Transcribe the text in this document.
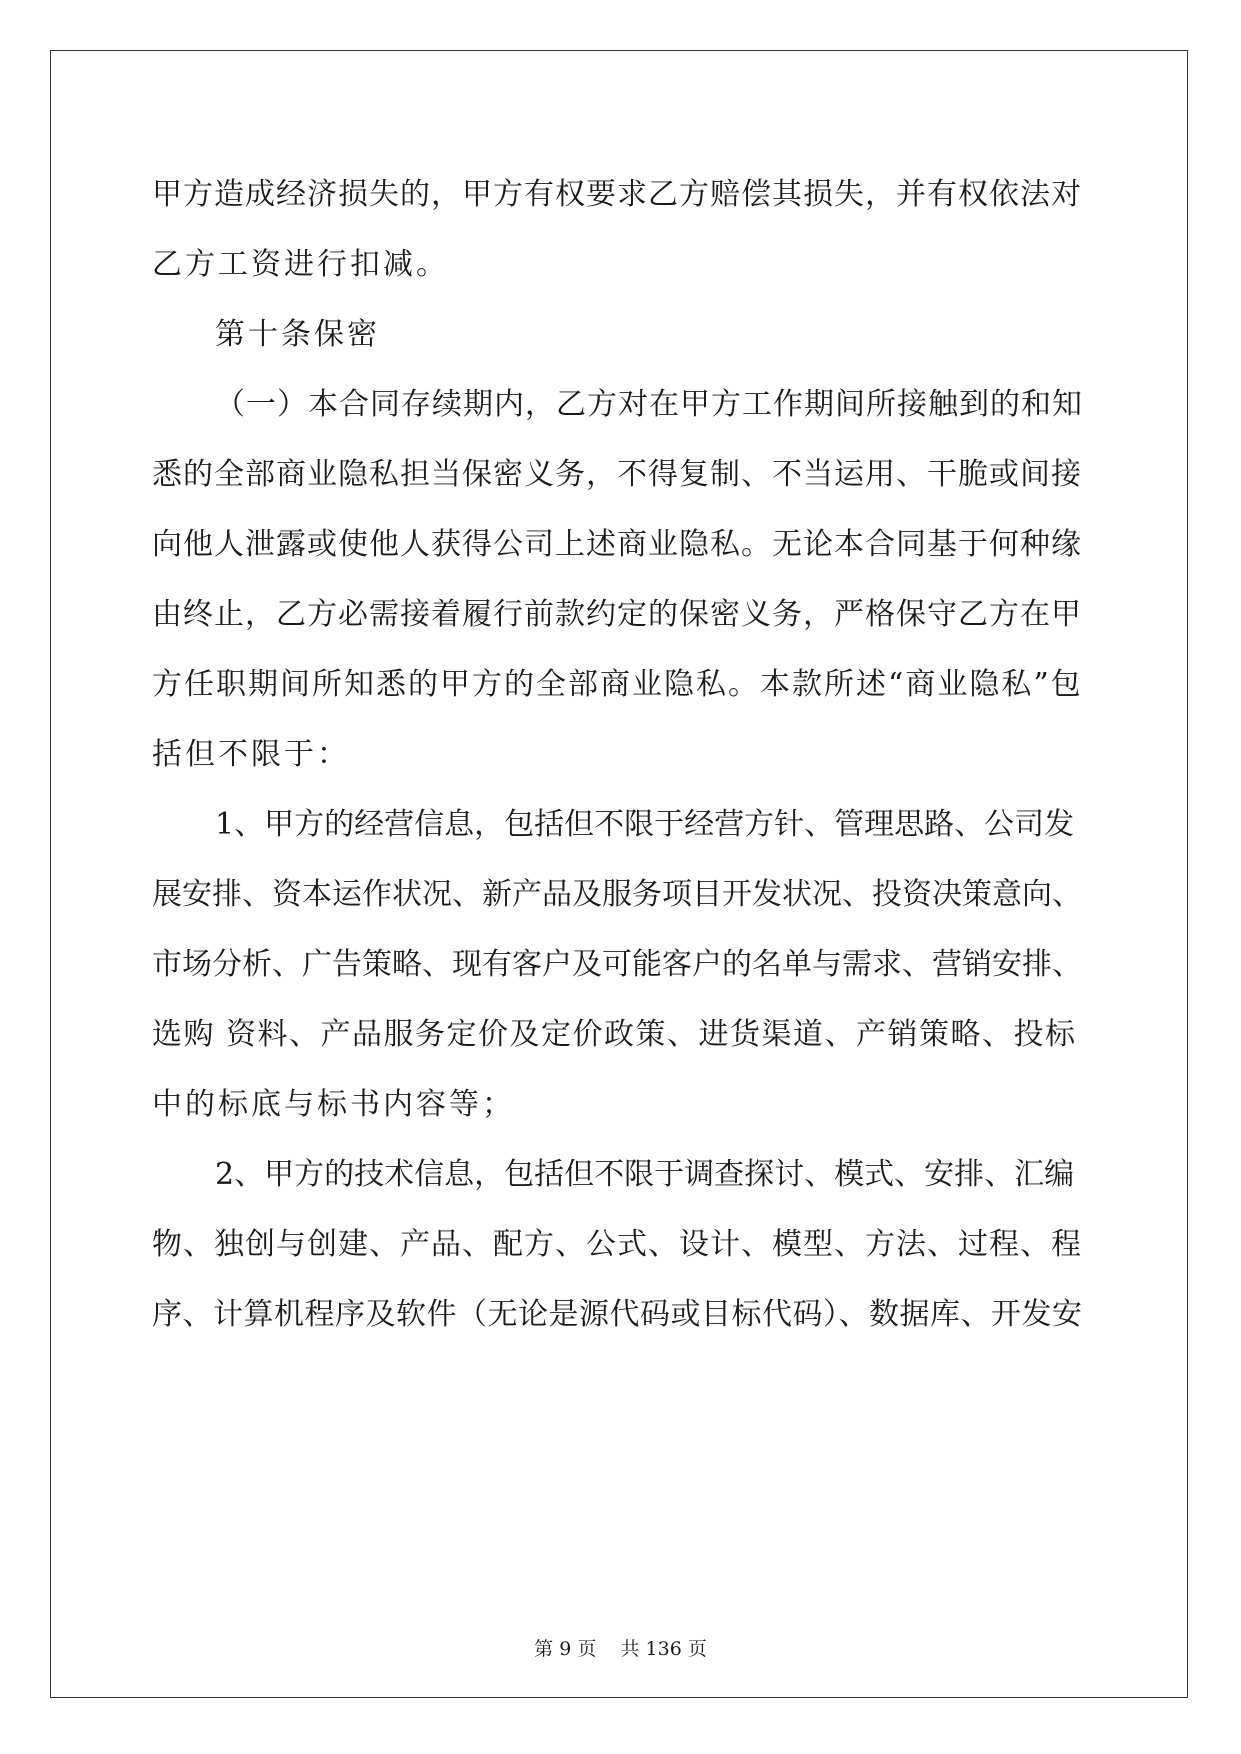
甲方造成经济损失的，甲方有权要求乙方赔偿其损失，并有权依法对
乙方工资进行扣减。
第十条保密
（一）本合同存续期内，乙方对在甲方工作期间所接触到的和知
悉的全部商业隐私担当保密义务，不得复制、不当运用、干脆或间接
向他人泄露或使他人获得公司上述商业隐私。无论本合同基于何种缘
由终止，乙方必需接着履行前款约定的保密义务，严格保守乙方在甲
方任职期间所知悉的甲方的全部商业隐私。本款所述“商业隐私”包
括但不限于：
1、甲方的经营信息，包括但不限于经营方针、管理思路、公司发
展安排、资本运作状况、新产品及服务项目开发状况、投资决策意向、
市场分析、广告策略、现有客户及可能客户的名单与需求、营销安排、
选购 资料、产品服务定价及定价政策、进货渠道、产销策略、投标
中的标底与标书内容等；
2、甲方的技术信息，包括但不限于调查探讨、模式、安排、汇编
物、独创与创建、产品、配方、公式、设计、模型、方法、过程、程
序、计算机程序及软件（无论是源代码或目标代码）、数据库、开发安
第 9 页    共 136 页
